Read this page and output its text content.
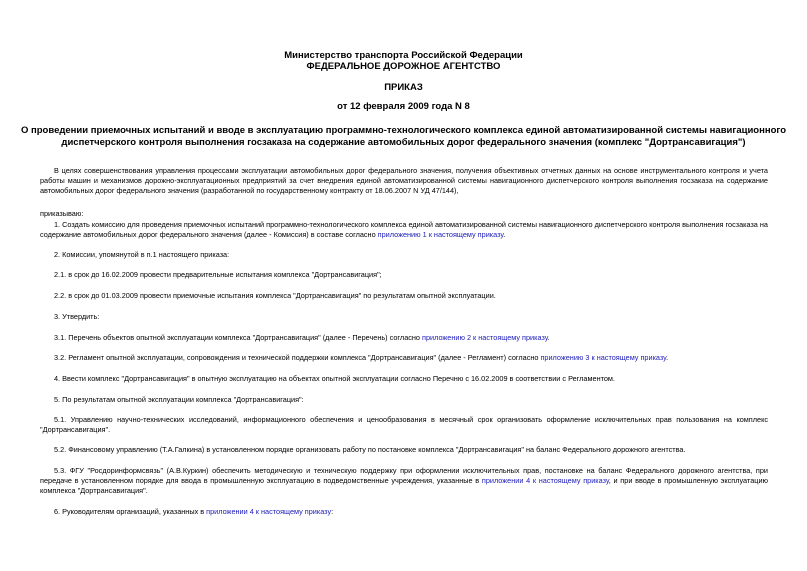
Министерство транспорта Российской Федерации
ФЕДЕРАЛЬНОЕ ДОРОЖНОЕ АГЕНТСТВО
ПРИКАЗ
от 12 февраля 2009 года N 8
О проведении приемочных испытаний и вводе в эксплуатацию программно-технологического комплекса единой автоматизированной системы навигационного диспетчерского контроля выполнения госзаказа на содержание автомобильных дорог федерального значения (комплекс "Дортрансавигация")
В целях совершенствования управления процессами эксплуатации автомобильных дорог федерального значения, получения объективных отчетных данных на основе инструментального контроля и учета работы машин и механизмов дорожно-эксплуатационных предприятий за счет внедрения единой автоматизированной системы навигационного диспетчерского контроля выполнения госзаказа на содержание автомобильных дорог федерального значения (разработанной по государственному контракту от 18.06.2007 N УД 47/144),
приказываю:
1. Создать комиссию для проведения приемочных испытаний программно-технологического комплекса единой автоматизированной системы навигационного диспетчерского контроля выполнения госзаказа на содержание автомобильных дорог федерального значения (далее - Комиссия) в составе согласно приложению 1 к настоящему приказу.
2. Комиссии, упомянутой в п.1 настоящего приказа:
2.1. в срок до 16.02.2009 провести предварительные испытания комплекса "Дортрансавигация";
2.2. в срок до 01.03.2009 провести приемочные испытания комплекса "Дортрансавигация" по результатам опытной эксплуатации.
3. Утвердить:
3.1. Перечень объектов опытной эксплуатации комплекса "Дортрансавигация" (далее - Перечень) согласно приложению 2 к настоящему приказу.
3.2. Регламент опытной эксплуатации, сопровождения и технической поддержки комплекса "Дортрансавигация" (далее - Регламент) согласно приложению 3 к настоящему приказу.
4. Ввести комплекс "Дортрансавигация" в опытную эксплуатацию на объектах опытной эксплуатации согласно Перечню с 16.02.2009 в соответствии с Регламентом.
5. По результатам опытной эксплуатации комплекса "Дортрансавигация":
5.1. Управлению научно-технических исследований, информационного обеспечения и ценообразования в месячный срок организовать оформление исключительных прав пользования на комплекс "Дортрансавигация".
5.2. Финансовому управлению (Т.А.Галкина) в установленном порядке организовать работу по постановке комплекса "Дортрансавигация" на баланс Федерального дорожного агентства.
5.3. ФГУ "Росдоринформсвязь" (А.В.Куркин) обеспечить методическую и техническую поддержку при оформлении исключительных прав, постановке на баланс Федерального дорожного агентства, при передаче в установленном порядке для ввода в промышленную эксплуатацию в подведомственные учреждения, указанные в приложении 4 к настоящему приказу, и при вводе в промышленную эксплуатацию комплекса "Дортрансавигация".
6. Руководителям организаций, указанных в приложении 4 к настоящему приказу:
